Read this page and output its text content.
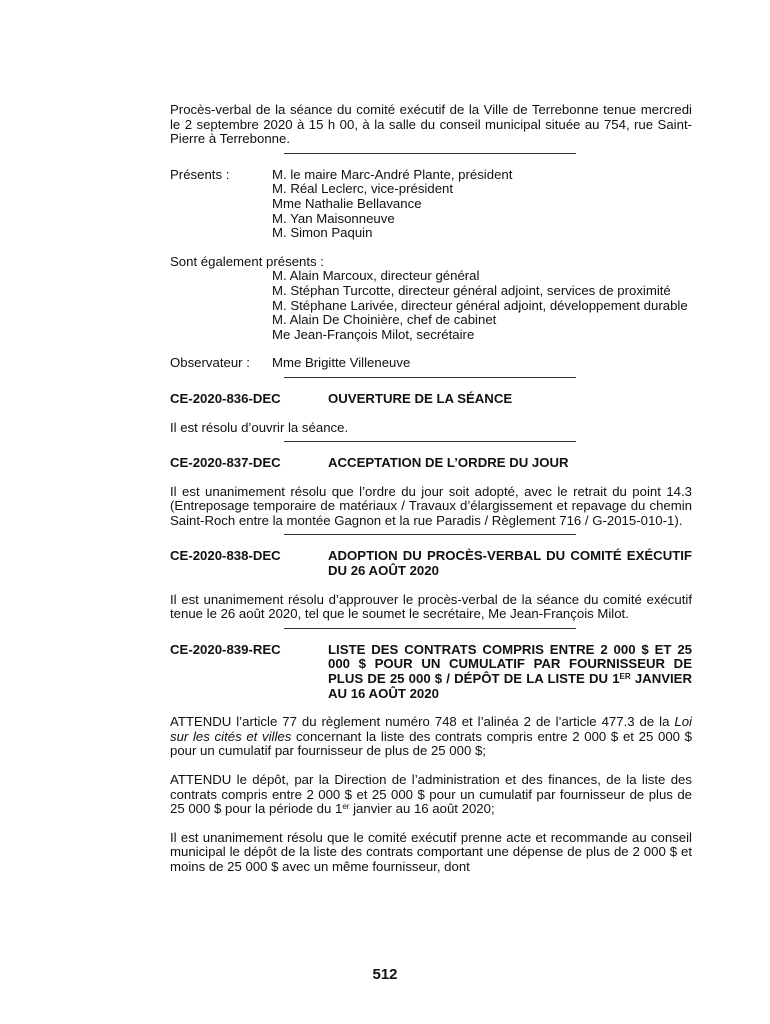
Procès-verbal de la séance du comité exécutif de la Ville de Terrebonne tenue mercredi le 2 septembre 2020 à 15 h 00, à la salle du conseil municipal située au 754, rue Saint-Pierre à Terrebonne.

Présents :	M. le maire Marc-André Plante, président
M. Réal Leclerc, vice-président
Mme Nathalie Bellavance
M. Yan Maisonneuve
M. Simon Paquin

Sont également présents :

M. Alain Marcoux, directeur général
M. Stéphan Turcotte, directeur général adjoint, services de proximité
M. Stéphane Larivée, directeur général adjoint, développement durable
M. Alain De Choinière, chef de cabinet
Me Jean-François Milot, secrétaire
Observateur :	Mme Brigitte Villeneuve
CE-2020-836-DEC	OUVERTURE DE LA SÉANCE

Il est résolu d’ouvrir la séance.

CE-2020-837-DEC	ACCEPTATION DE L’ORDRE DU JOUR

Il est unanimement résolu que l’ordre du jour soit adopté, avec le retrait du point 14.3 (Entreposage temporaire de matériaux / Travaux d’élargissement et repavage du chemin Saint-Roch entre la montée Gagnon et la rue Paradis / Règlement 716 / G-2015-010-1).

CE-2020-838-DEC	ADOPTION DU PROCÈS-VERBAL DU COMITÉ EXÉCUTIF DU 26 AOÛT 2020

Il est unanimement résolu d’approuver le procès-verbal de la séance du comité exécutif tenue le 26 août 2020, tel que le soumet le secrétaire, Me Jean-François Milot.

CE-2020-839-REC	LISTE DES CONTRATS COMPRIS ENTRE 2 000 $ ET 25 000 $ POUR UN CUMULATIF PAR FOURNISSEUR DE PLUS DE 25 000 $ / DÉPÔT DE LA LISTE DU 1ER JANVIER AU 16 AOÛT 2020

ATTENDU l’article 77 du règlement numéro 748 et l’alinéa 2 de l’article 477.3 de la Loi sur les cités et villes concernant la liste des contrats compris entre 2 000 $ et 25 000 $ pour un cumulatif par fournisseur de plus de 25 000 $;

ATTENDU le dépôt, par la Direction de l’administration et des finances, de la liste des contrats compris entre 2 000 $ et 25 000 $ pour un cumulatif par fournisseur de plus de 25 000 $ pour la période du 1er janvier au 16 août 2020;

Il est unanimement résolu que le comité exécutif prenne acte et recommande au conseil municipal le dépôt de la liste des contrats comportant une dépense de plus de 2 000 $ et moins de 25 000 $ avec un même fournisseur, dont

512
